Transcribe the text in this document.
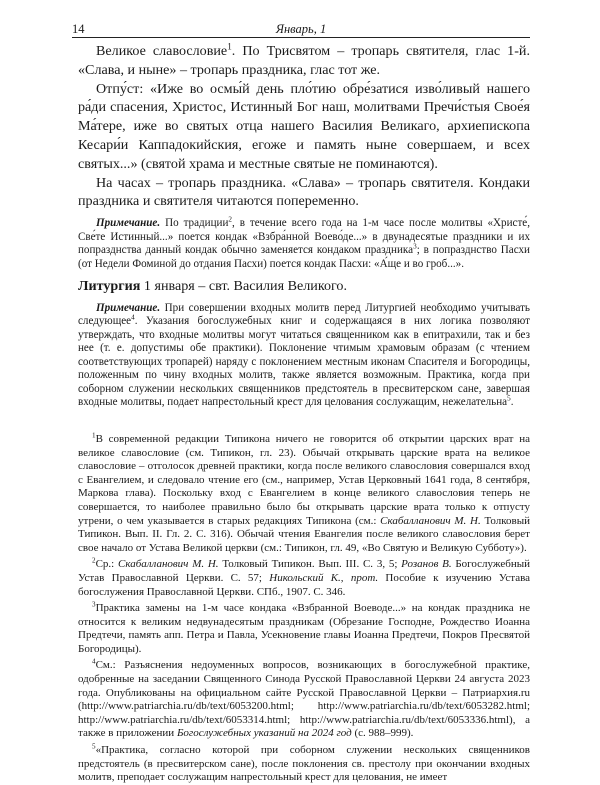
14	Январь, 1

Великое славословие$^1$. По Трисвятом – тропарь святителя, глас 1-й. «Слава, и ныне» – тропарь праздника, глас тот же.

Отпу́ст: «Иже во осмы́й день пло́тию обре́затися изво́ливый нашего ра́ди спасения, Христос, Истинный Бог наш, молитвами Пречи́стыя Свое́я Ма́тере, иже во святых отца нашего Василия Великаго, архиепископа Кесари́и Каппадокийския, егоже и память ныне совершаем, и всех святых...» (святой храма и местные святые не поминаются).

На часах – тропарь праздника. «Слава» – тропарь святителя. Кондаки праздника и святителя читаются попеременно.

Примечание. По традиции$^2$, в течение всего года на 1-м часе после молитвы «Христе́, Све́те Истинный...» поется кондак «Взбра́нной Воево́де...» в двунадесятые праздники и их попразднства данный кондак обычно заменяется кондаком праздника$^3$; в попразднство Пасхи (от Недели Фоминой до отдания Пасхи) поется кондак Пасхи: «А́ще и во гроб...».

Литургия 1 января – свт. Василия Великого.

Примечание. При совершении входных молитв перед Литургией необходимо учитывать следующее$^4$. Указания богослужебных книг и содержащаяся в них логика позволяют утверждать, что входные молитвы могут читаться священником как в епитрахили, так и без нее (т. е. допустимы обе практики). Поклонение чтимым храмовым образам (с чтением соответствующих тропарей) наряду с поклонением местным иконам Спасителя и Богородицы, положенным по чину входных молитв, также является возможным. Практика, когда при соборном служении нескольких священников предстоятель в пресвитерском сане, завершая входные молитвы, подает напрестольный крест для целования сослужащим, нежелательна$^5$.

$^1$В современной редакции Типикона ничего не говорится об открытии царских врат на великое славословие (см. Типикон, гл. 23). Обычай открывать царские врата на великое славословие – отголосок древней практики, когда после великого славословия совершался вход с Евангелием, и следовало чтение его (см., например, Устав Церковный 1641 года, 8 сентября, Маркова глава). Поскольку вход с Евангелием в конце великого славословия теперь не совершается, то наиболее правильно было бы открывать царские врата только к отпусту утрени, о чем указывается в старых редакциях Типикона (см.: Скабалланович М. Н. Толковый Типикон. Вып. II. Гл. 2. С. 316). Обычай чтения Евангелия после великого славословия берет свое начало от Устава Великой церкви (см.: Типикон, гл. 49, «Во Святую и Великую Субботу»).

$^2$Ср.: Скабалланович М. Н. Толковый Типикон. Вып. III. С. 3, 5; Розанов В. Богослужебный Устав Православной Церкви. С. 57; Никольский К., прот. Пособие к изучению Устава богослужения Православной Церкви. СПб., 1907. С. 346.

$^3$Практика замены на 1-м часе кондака «Взбранной Воеводе...» на кондак праздника не относится к великим недвунадесятым праздникам (Обрезание Господне, Рождество Иоанна Предтечи, память апп. Петра и Павла, Усекновение главы Иоанна Предтечи, Покров Пресвятой Богородицы).

$^4$См.: Разъяснения недоуменных вопросов, возникающих в богослужебной практике, одобренные на заседании Священного Синода Русской Православной Церкви 24 августа 2023 года. Опубликованы на официальном сайте Русской Православной Церкви – Патриархия.ru (http://www.patriarchia.ru/db/text/6053200.html; http://www.patriarchia.ru/db/text/6053282.html; http://www.patriarchia.ru/db/text/6053314.html; http://www.patriarchia.ru/db/text/6053336.html), а также в приложении Богослужебных указаний на 2024 год (с. 988–999).

$^5$«Практика, согласно которой при соборном служении нескольких священников предстоятель (в пресвитерском сане), после поклонения св. престолу при окончании входных молитв, преподает сослужащим напрестольный крест для целования, не имеет
